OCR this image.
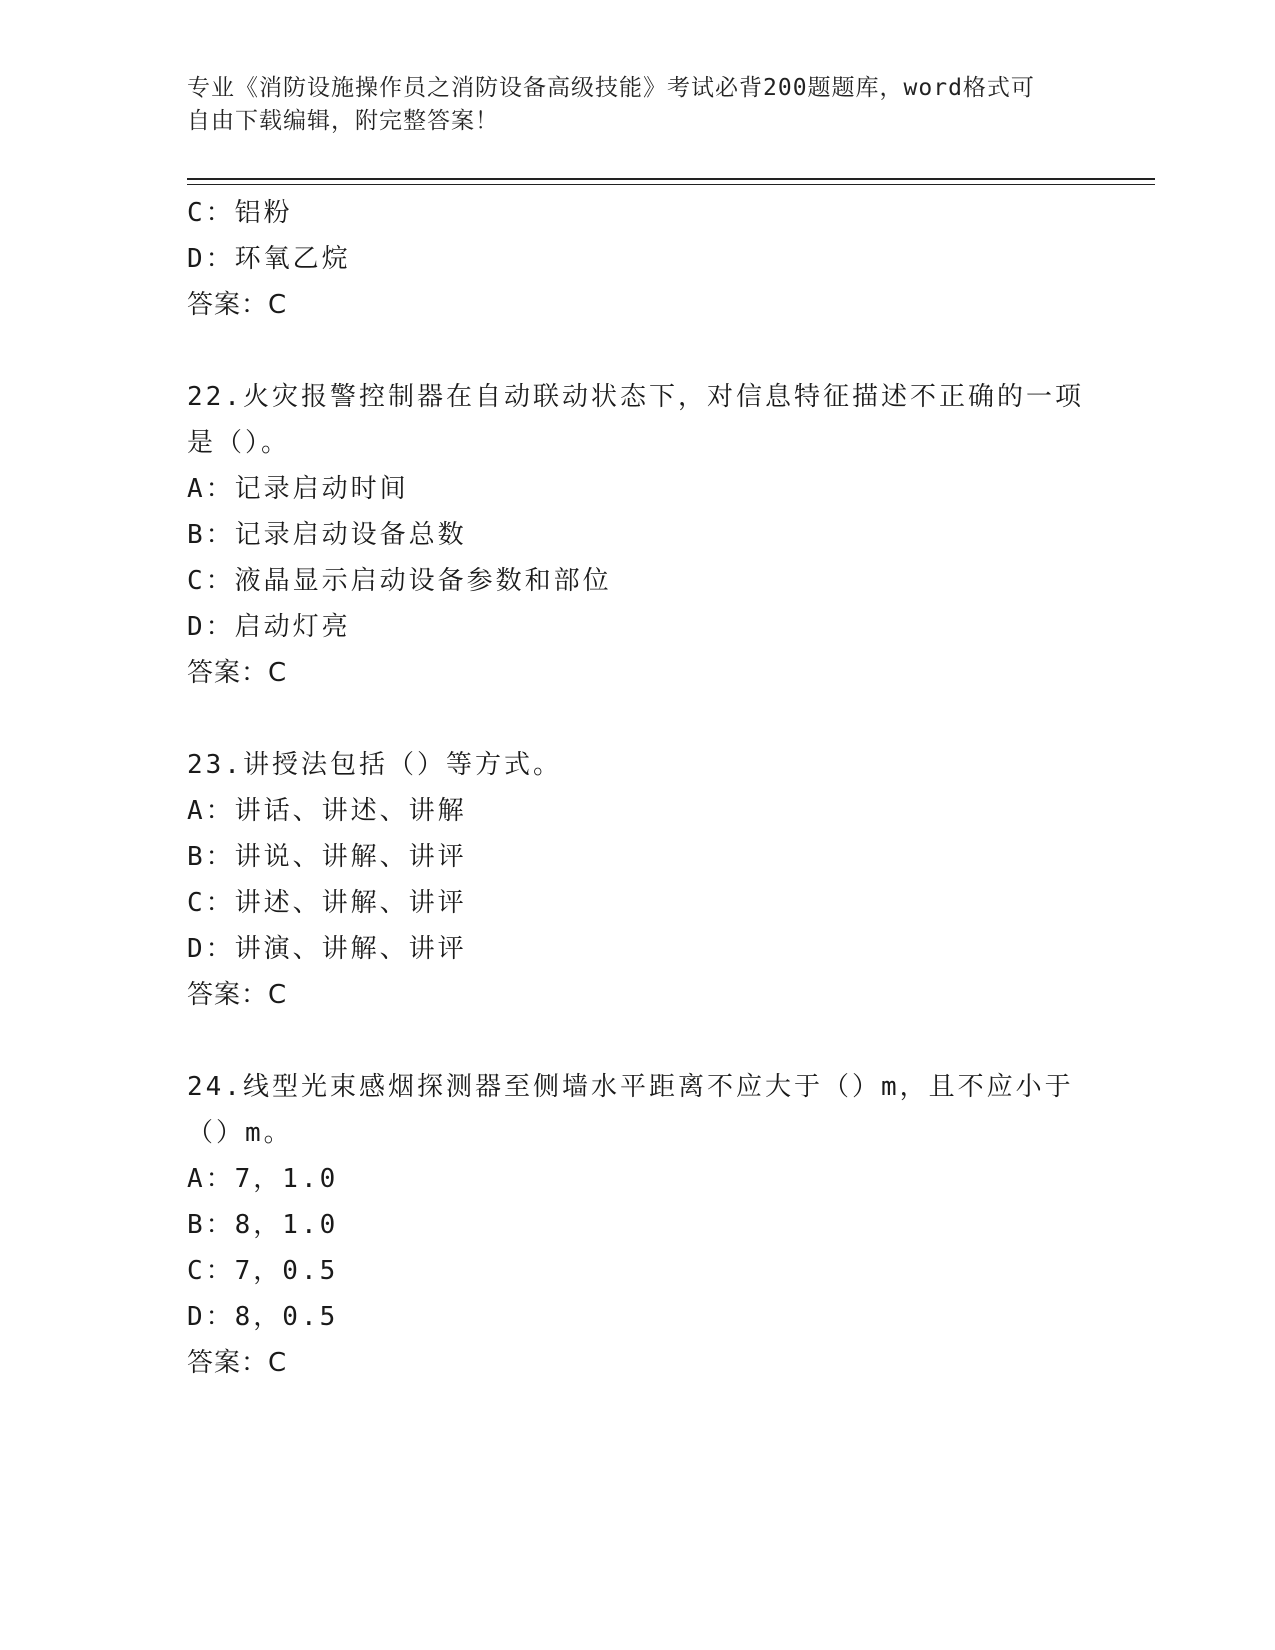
专业《消防设施操作员之消防设备高级技能》考试必背200题题库，word格式可
自由下载编辑，附完整答案！
C：铝粉
D：环氧乙烷
答案：C
22.火灾报警控制器在自动联动状态下，对信息特征描述不正确的一项
是（）。
A：记录启动时间
B：记录启动设备总数
C：液晶显示启动设备参数和部位
D：启动灯亮
答案：C
23.讲授法包括（）等方式。
A：讲话、讲述、讲解
B：讲说、讲解、讲评
C：讲述、讲解、讲评
D：讲演、讲解、讲评
答案：C
24.线型光束感烟探测器至侧墙水平距离不应大于（）m，且不应小于
（）m。
A：7，1.0
B：8，1.0
C：7，0.5
D：8，0.5
答案：C
